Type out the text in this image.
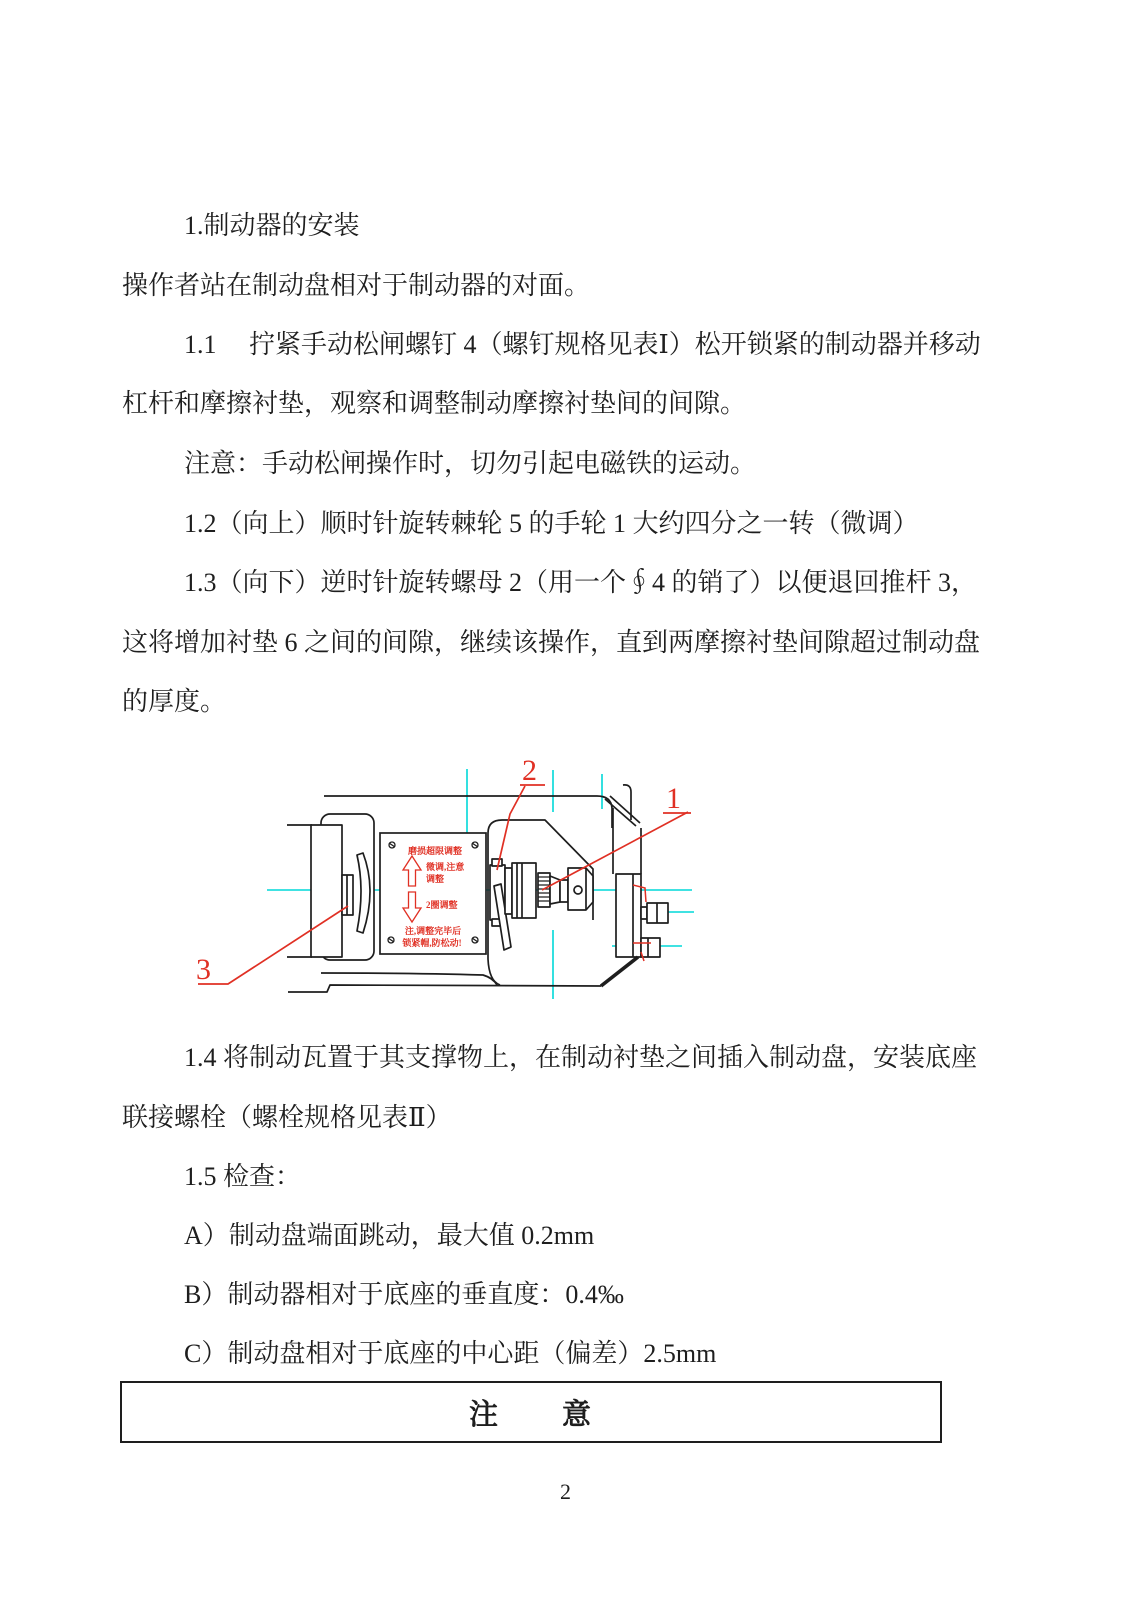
1.制动器的安装
操作者站在制动盘相对于制动器的对面。
1.1　 拧紧手动松闸螺钉 4（螺钉规格见表Ⅰ）松开锁紧的制动器并移动
杠杆和摩擦衬垫，观察和调整制动摩擦衬垫间的间隙。
注意：手动松闸操作时，切勿引起电磁铁的运动。
1.2（向上）顺时针旋转棘轮 5 的手轮 1 大约四分之一转（微调）
1.3（向下）逆时针旋转螺母 2（用一个∮4 的销了）以便退回推杆 3，
这将增加衬垫 6 之间的间隙，继续该操作，直到两摩擦衬垫间隙超过制动盘
的厚度。
1.4 将制动瓦置于其支撑物上，在制动衬垫之间插入制动盘，安装底座
联接螺栓（螺栓规格见表Ⅱ）
1.5 检查：
A）制动盘端面跳动，最大值 0.2mm
B）制动器相对于底座的垂直度：0.4‰
C）制动盘相对于底座的中心距（偏差）2.5mm
磨损超限调整
微调,注意
调整
2圈调整
注,调整完毕后
锁紧帽,防松动!
3
2
1
注　　意
2
